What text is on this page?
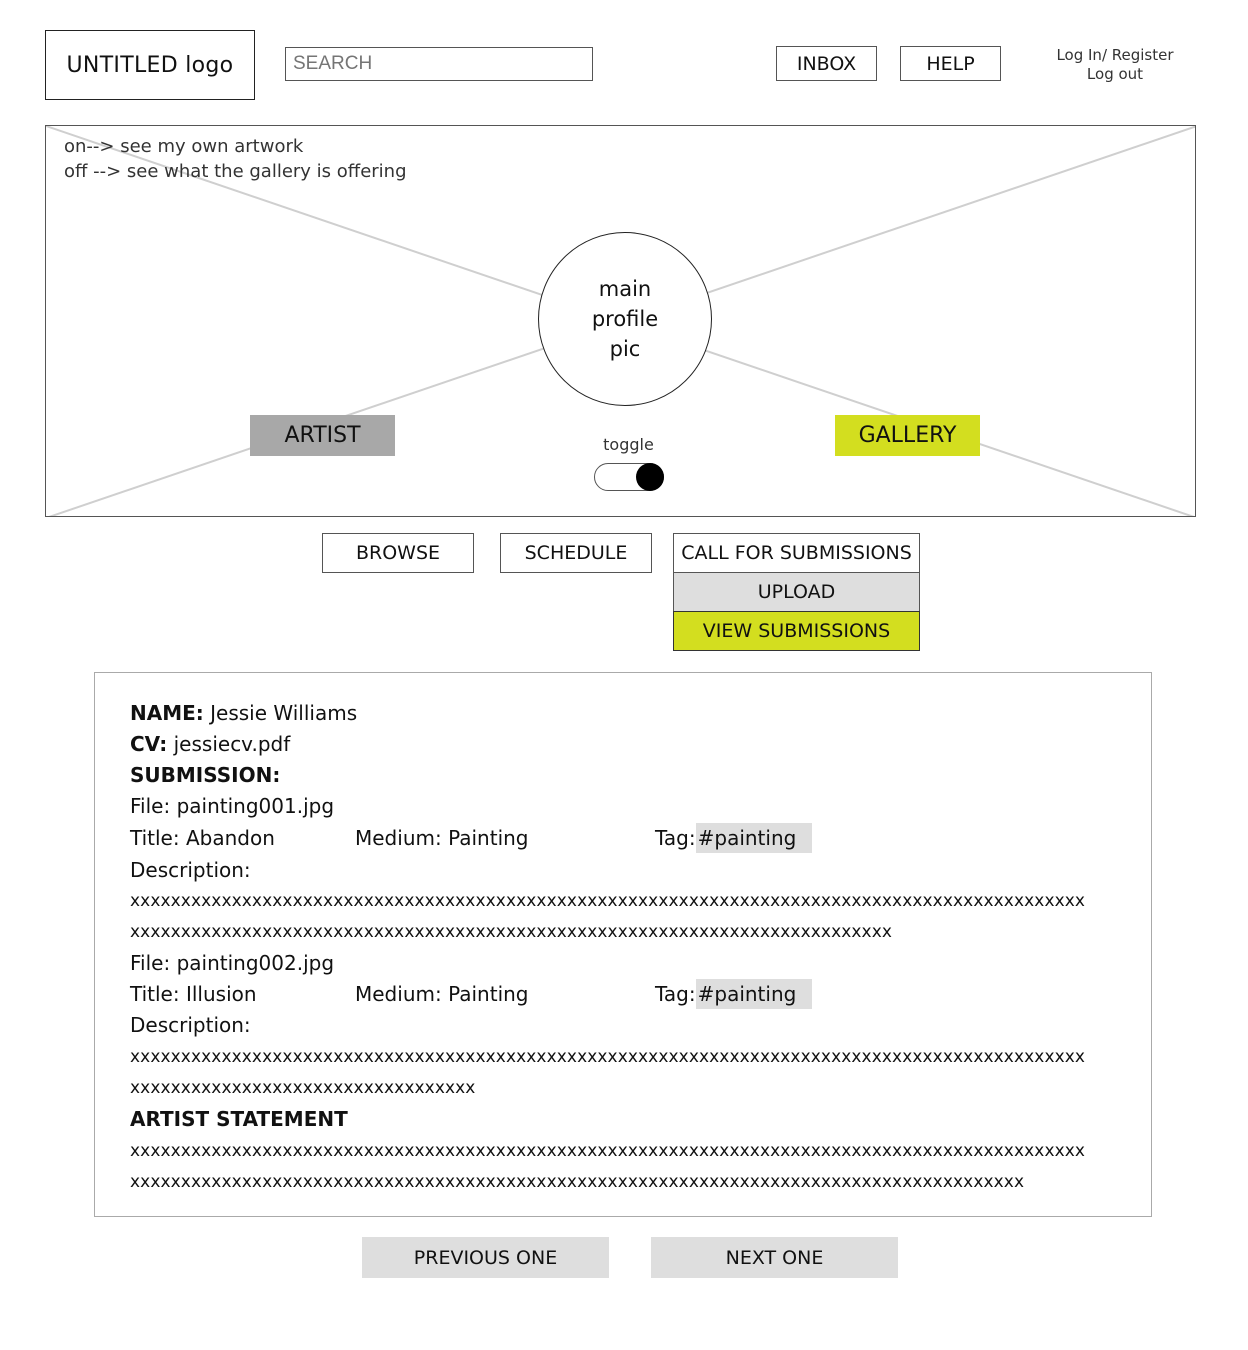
UNTITLED logo
SEARCH	INBOX	HELP	Log In/ Register
Log out
on--> see my own artwork
off --> see what the gallery is offering
main
profile
pic
ARTIST	GALLERY
toggle
BROWSE	SCHEDULE	CALL FOR SUBMISSIONS
UPLOAD
VIEW SUBMISSIONS
NAME: Jessie Williams
CV: jessiecv.pdf
SUBMISSION:
File: painting001.jpg
Title: Abandon	Medium: Painting	Tag: #painting
Description:
xxxxxxxxxxxxxxxxxxxxxxxxxxxxxxxxxxxxxxxxxxxxxxxxxxxxxxxxxxxxxxxxxxxxxxxxxxxxxxxxxxxxxxxxxxxxxx
xxxxxxxxxxxxxxxxxxxxxxxxxxxxxxxxxxxxxxxxxxxxxxxxxxxxxxxxxxxxxxxxxxxxxxxxxxx
File: painting002.jpg
Title: Illusion	Medium: Painting	Tag: #painting
Description:
xxxxxxxxxxxxxxxxxxxxxxxxxxxxxxxxxxxxxxxxxxxxxxxxxxxxxxxxxxxxxxxxxxxxxxxxxxxxxxxxxxxxxxxxxxxxxx
xxxxxxxxxxxxxxxxxxxxxxxxxxxxxxxxxx
ARTIST STATEMENT
xxxxxxxxxxxxxxxxxxxxxxxxxxxxxxxxxxxxxxxxxxxxxxxxxxxxxxxxxxxxxxxxxxxxxxxxxxxxxxxxxxxxxxxxxxxxxx
xxxxxxxxxxxxxxxxxxxxxxxxxxxxxxxxxxxxxxxxxxxxxxxxxxxxxxxxxxxxxxxxxxxxxxxxxxxxxxxxxxxxxxxx
PREVIOUS ONE	NEXT ONE
